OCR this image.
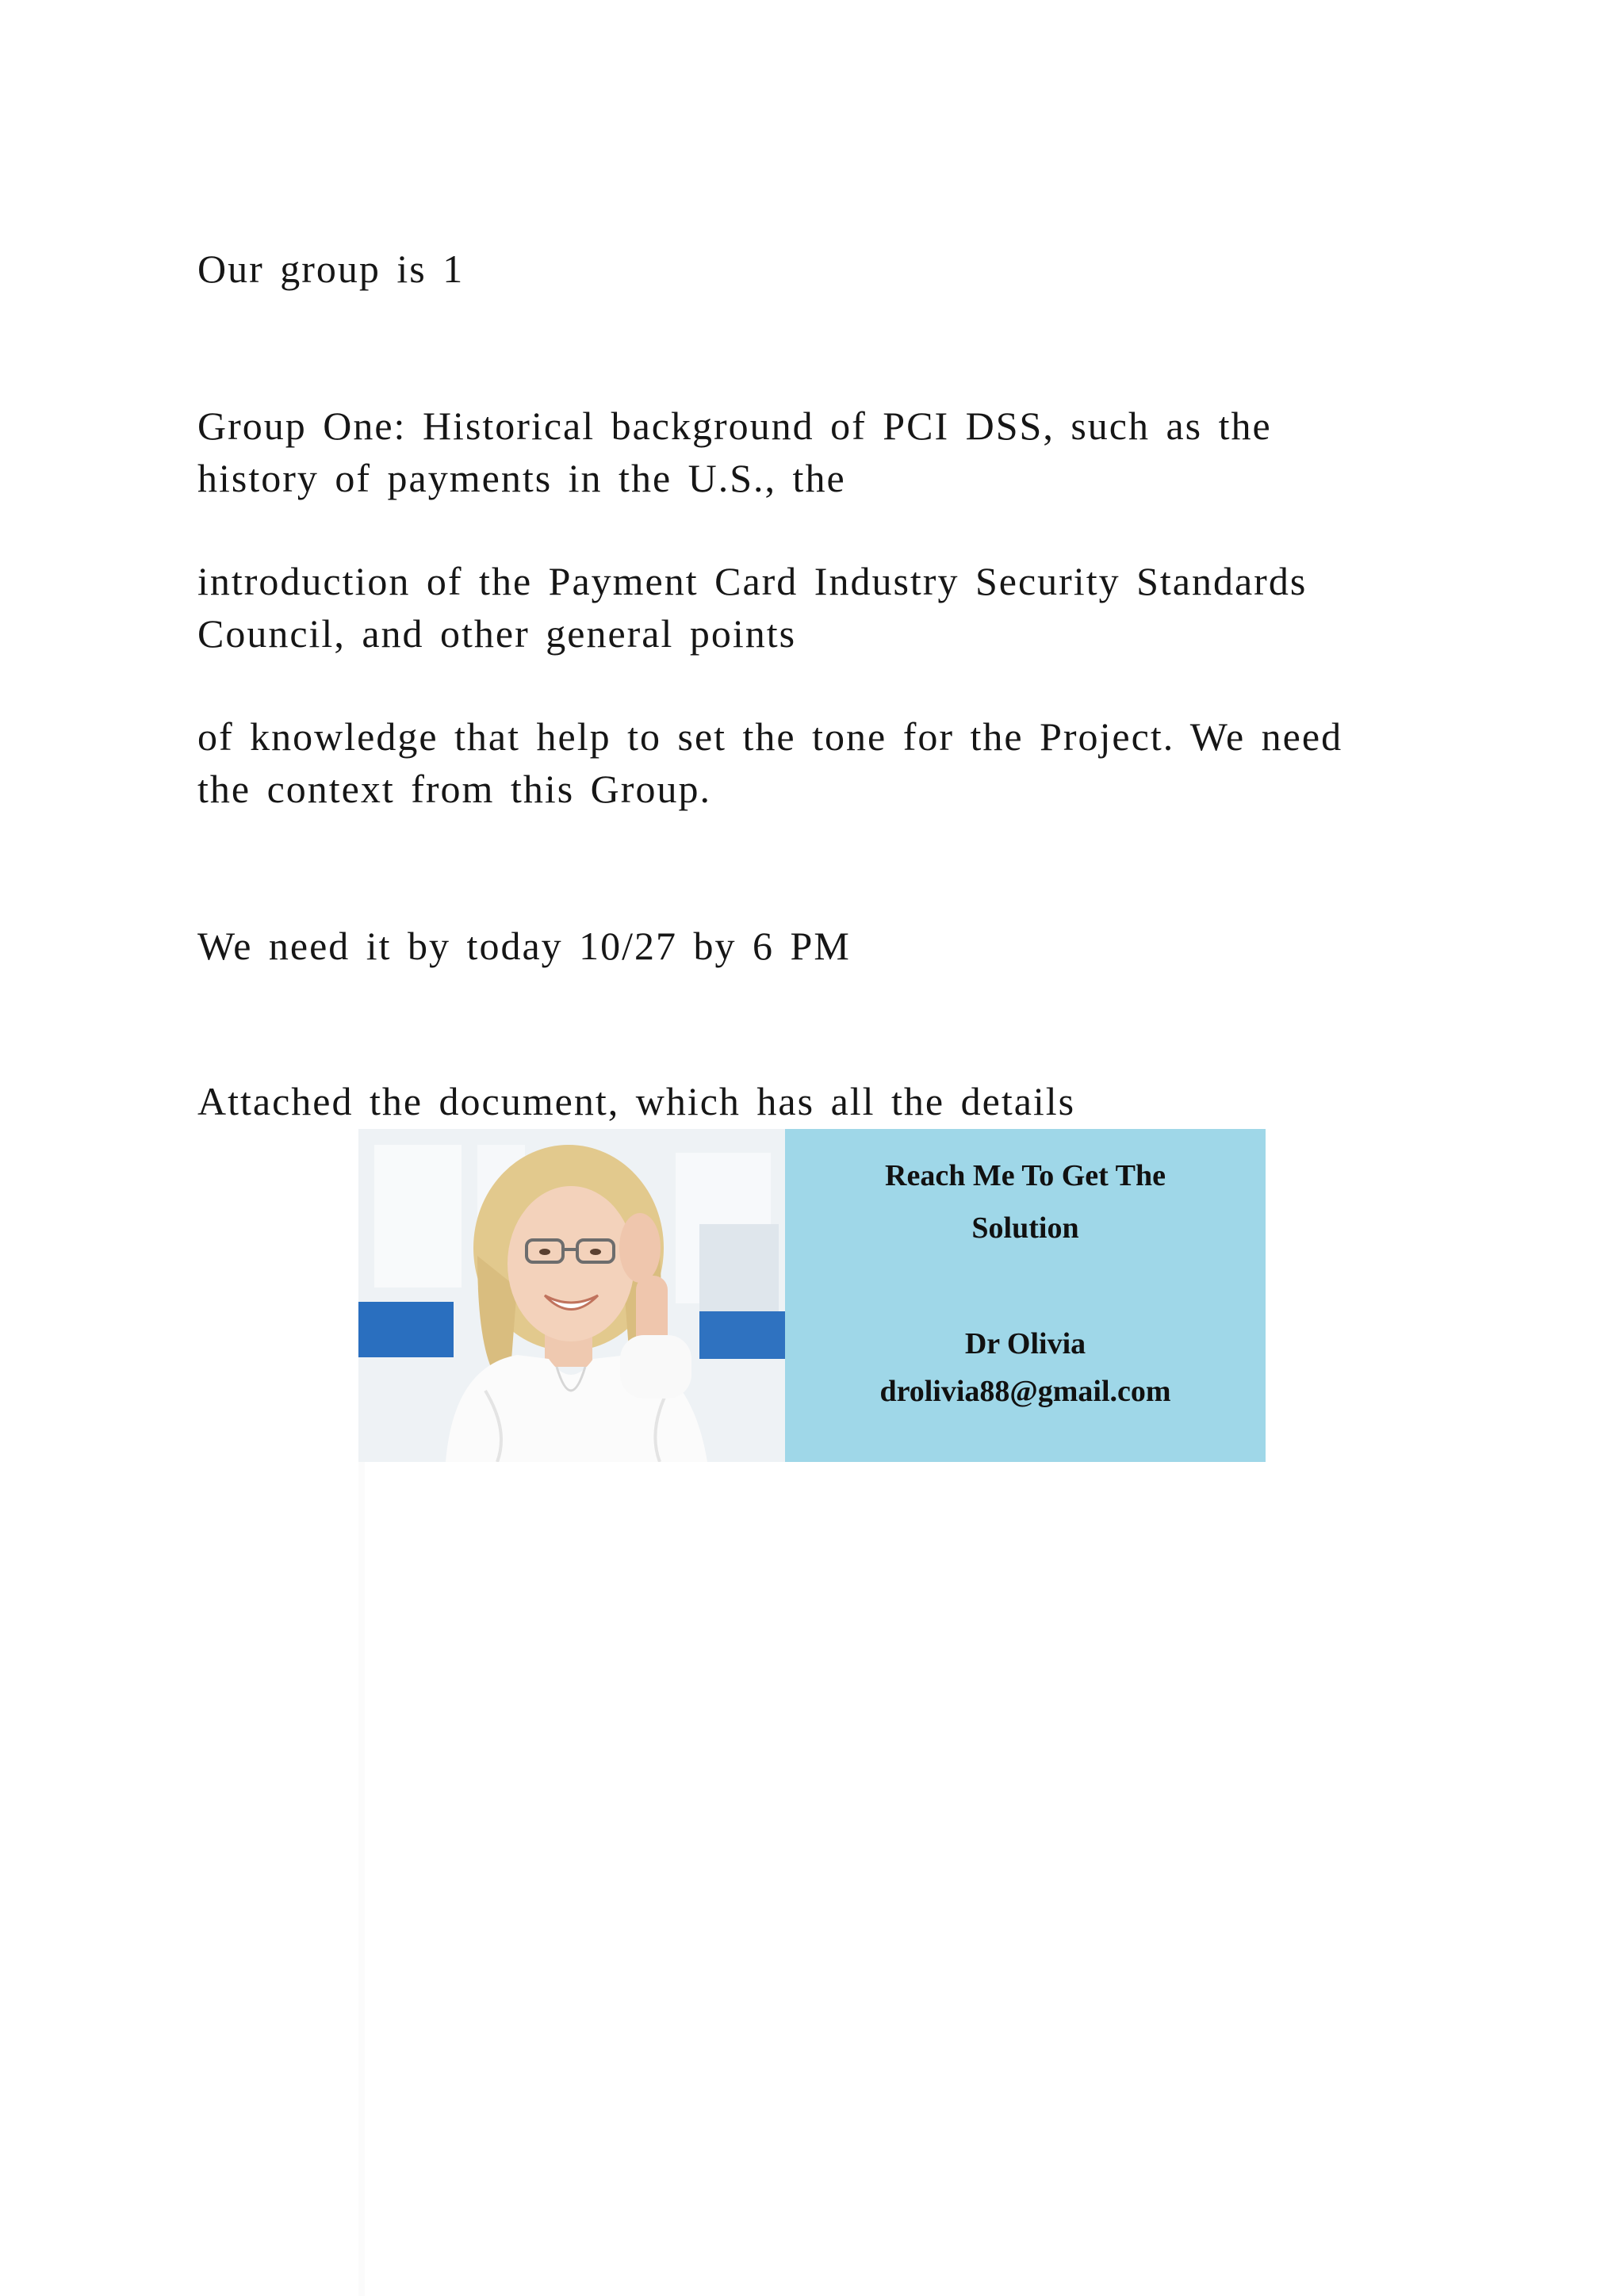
Our group is 1

Group One: Historical background of PCI DSS, such as the
history of payments in the U.S., the

introduction of the Payment Card Industry Security Standards
Council, and other general points

of knowledge that help to set the tone for the Project. We need
the context from this Group.

We need it by today 10/27 by 6 PM

Attached the document, which has all the details

Reach Me To Get The
Solution
Dr Olivia
drolivia88@gmail.com
